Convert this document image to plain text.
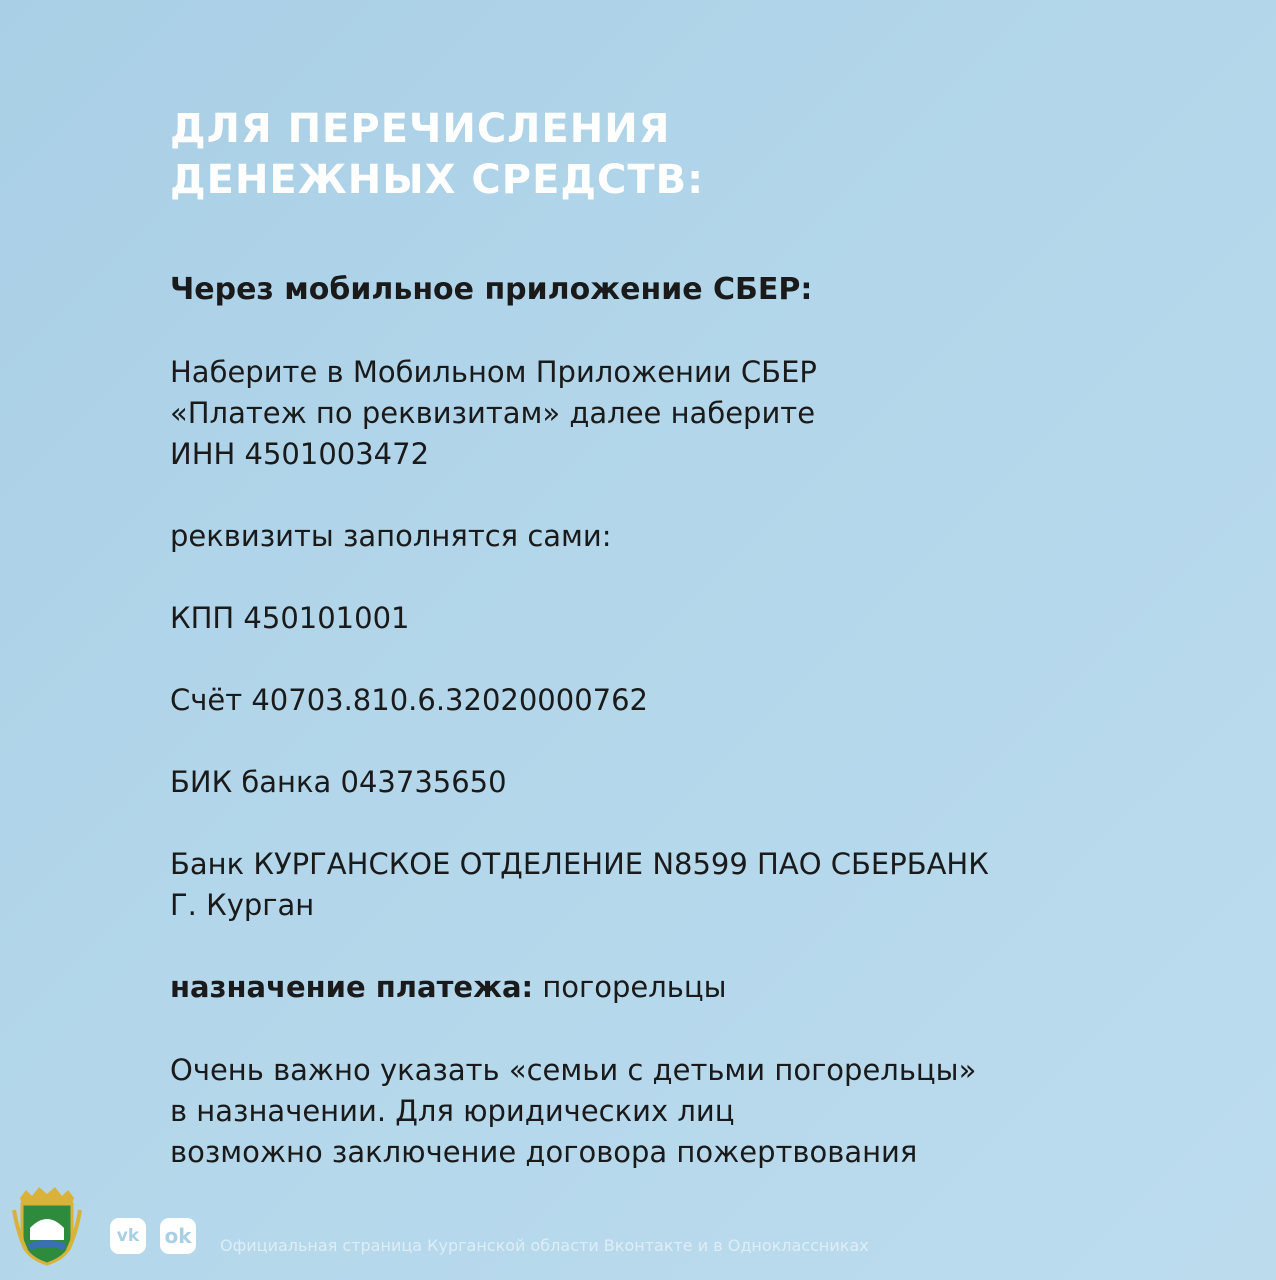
ДЛЯ ПЕРЕЧИСЛЕНИЯ
ДЕНЕЖНЫХ СРЕДСТВ:

Через мобильное приложение СБЕР:

Наберите в Мобильном Приложении СБЕР
«Платеж по реквизитам» далее наберите
ИНН 4501003472

реквизиты заполнятся сами:

КПП 450101001

Счёт 40703.810.6.32020000762

БИК банка 043735650

Банк КУРГАНСКОЕ ОТДЕЛЕНИЕ N8599 ПАО СБЕРБАНК
Г. Курган

назначение платежа: погорельцы

Очень важно указать «семьи с детьми погорельцы»
в назначении. Для юридических лиц
возможно заключение договора пожертвования

vk	ok Официальная страница Курганской области Вконтакте и в Одноклассниках
